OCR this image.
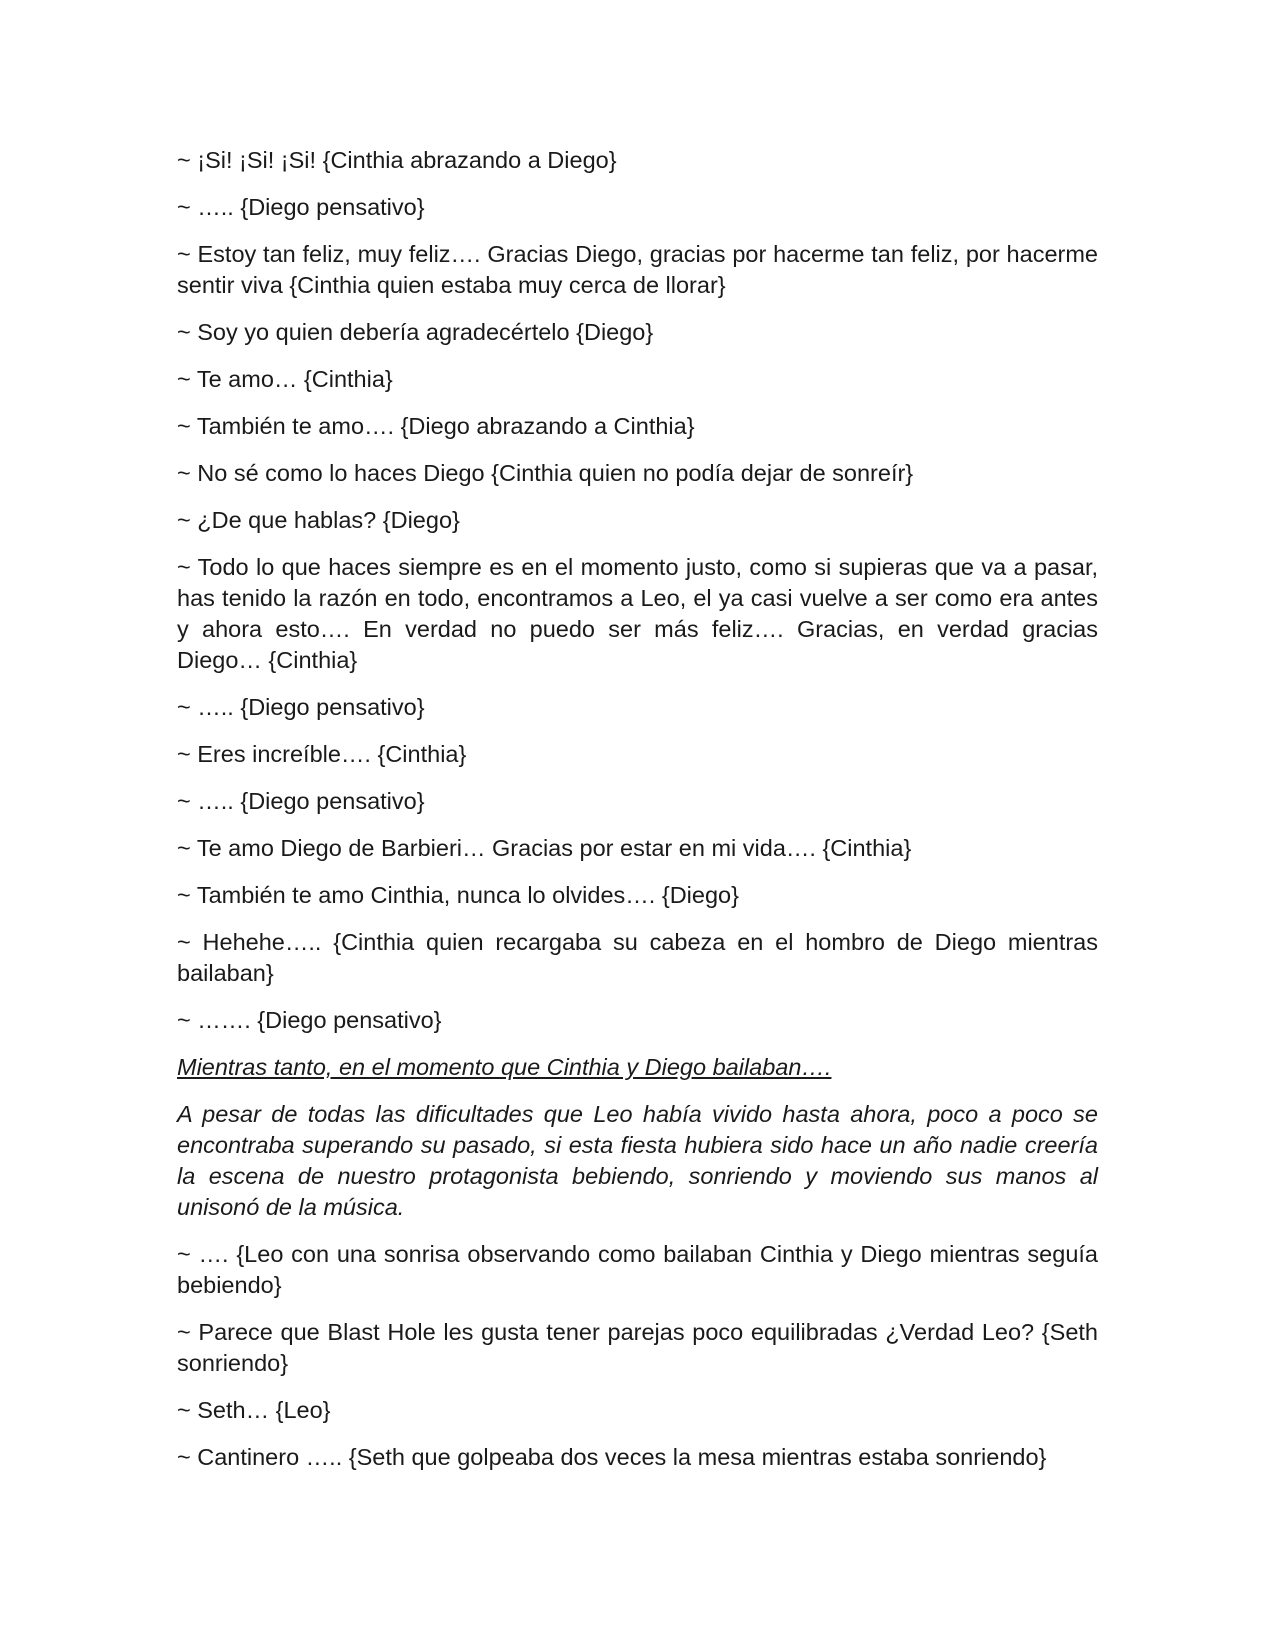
~ ¡Si! ¡Si! ¡Si! {Cinthia abrazando a Diego}

~ ….. {Diego pensativo}

~ Estoy tan feliz, muy feliz…. Gracias Diego, gracias por hacerme tan feliz, por hacerme sentir viva {Cinthia quien estaba muy cerca de llorar}

~ Soy yo quien debería agradecértelo {Diego}

~ Te amo… {Cinthia}

~ También te amo…. {Diego abrazando a Cinthia}

~ No sé como lo haces Diego {Cinthia quien no podía dejar de sonreír}

~ ¿De que hablas? {Diego}

~ Todo lo que haces siempre es en el momento justo, como si supieras que va a pasar, has tenido la razón en todo, encontramos a Leo, el ya casi vuelve a ser como era antes y ahora esto…. En verdad no puedo ser más feliz…. Gracias, en verdad gracias Diego… {Cinthia}

~ ….. {Diego pensativo}

~ Eres increíble…. {Cinthia}

~ ….. {Diego pensativo}

~ Te amo Diego de Barbieri… Gracias por estar en mi vida…. {Cinthia}

~ También te amo Cinthia, nunca lo olvides…. {Diego}

~ Hehehe….. {Cinthia quien recargaba su cabeza en el hombro de Diego mientras bailaban}

~ ……. {Diego pensativo}

Mientras tanto, en el momento que Cinthia y Diego bailaban….

A pesar de todas las dificultades que Leo había vivido hasta ahora, poco a poco se encontraba superando su pasado, si esta fiesta hubiera sido hace un año nadie creería la escena de nuestro protagonista bebiendo, sonriendo y moviendo sus manos al unisonó de la música.

~ …. {Leo con una sonrisa observando como bailaban Cinthia y Diego mientras seguía bebiendo}

~ Parece que Blast Hole les gusta tener parejas poco equilibradas ¿Verdad Leo? {Seth sonriendo}

~ Seth… {Leo}

~ Cantinero ….. {Seth que golpeaba dos veces la mesa mientras estaba sonriendo}
